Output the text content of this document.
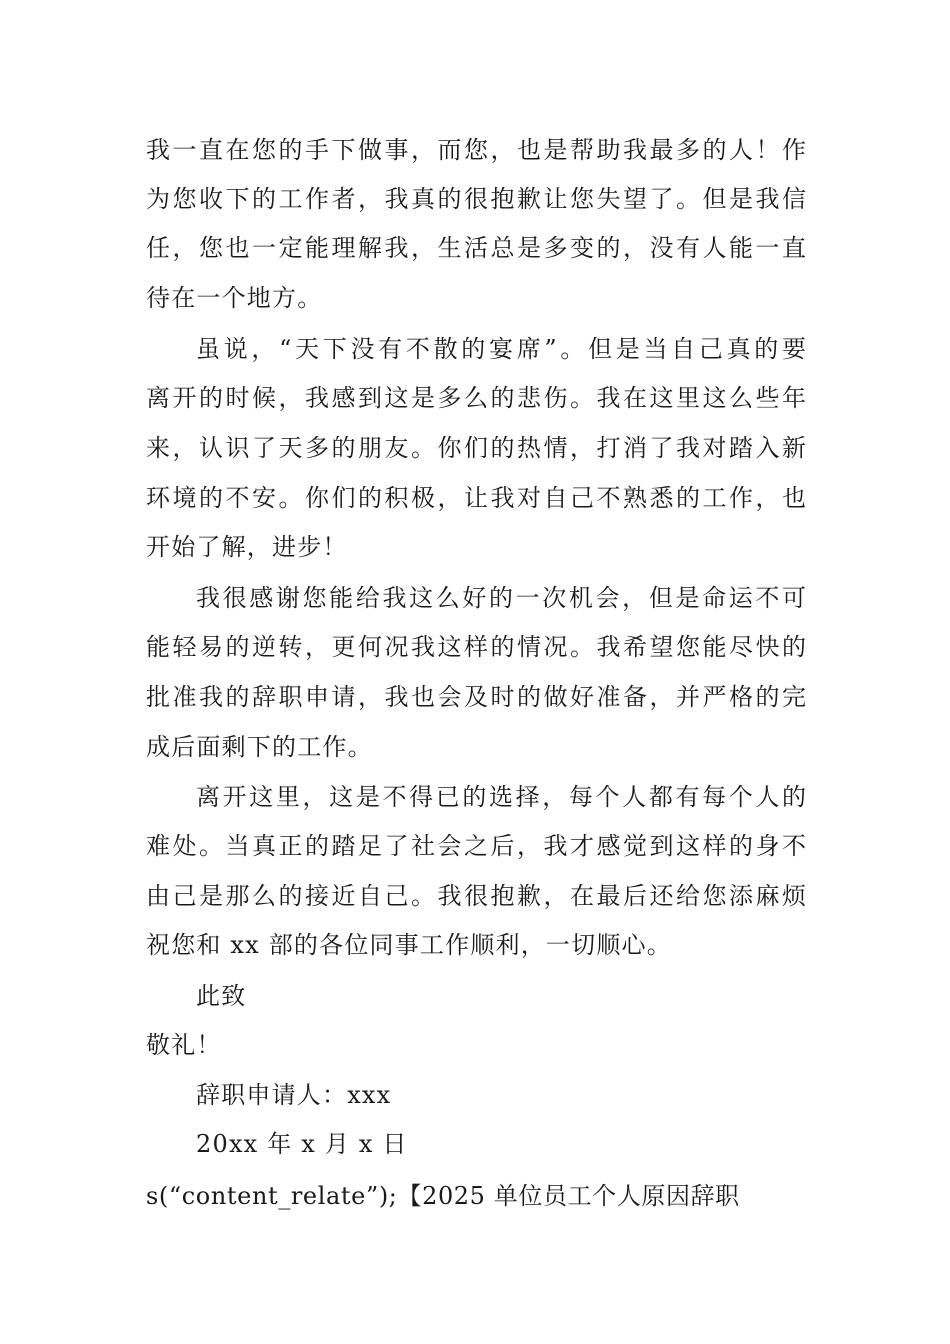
我一直在您的手下做事，而您，也是帮助我最多的人！作
为您收下的工作者，我真的很抱歉让您失望了。但是我信
任，您也一定能理解我，生活总是多变的，没有人能一直
待在一个地方。
虽说，“天下没有不散的宴席”。但是当自己真的要
离开的时候，我感到这是多么的悲伤。我在这里这么些年
来，认识了天多的朋友。你们的热情，打消了我对踏入新
环境的不安。你们的积极，让我对自己不熟悉的工作，也
开始了解，进步！
我很感谢您能给我这么好的一次机会，但是命运不可
能轻易的逆转，更何况我这样的情况。我希望您能尽快的
批准我的辞职申请，我也会及时的做好准备，并严格的完
成后面剩下的工作。
离开这里，这是不得已的选择，每个人都有每个人的
难处。当真正的踏足了社会之后，我才感觉到这样的身不
由己是那么的接近自己。我很抱歉，在最后还给您添麻烦
祝您和 xx 部的各位同事工作顺利，一切顺心。
此致
敬礼！
辞职申请人：xxx
20xx 年 x 月 x 日
s(“content_relate”);【2025 单位员工个人原因辞职
